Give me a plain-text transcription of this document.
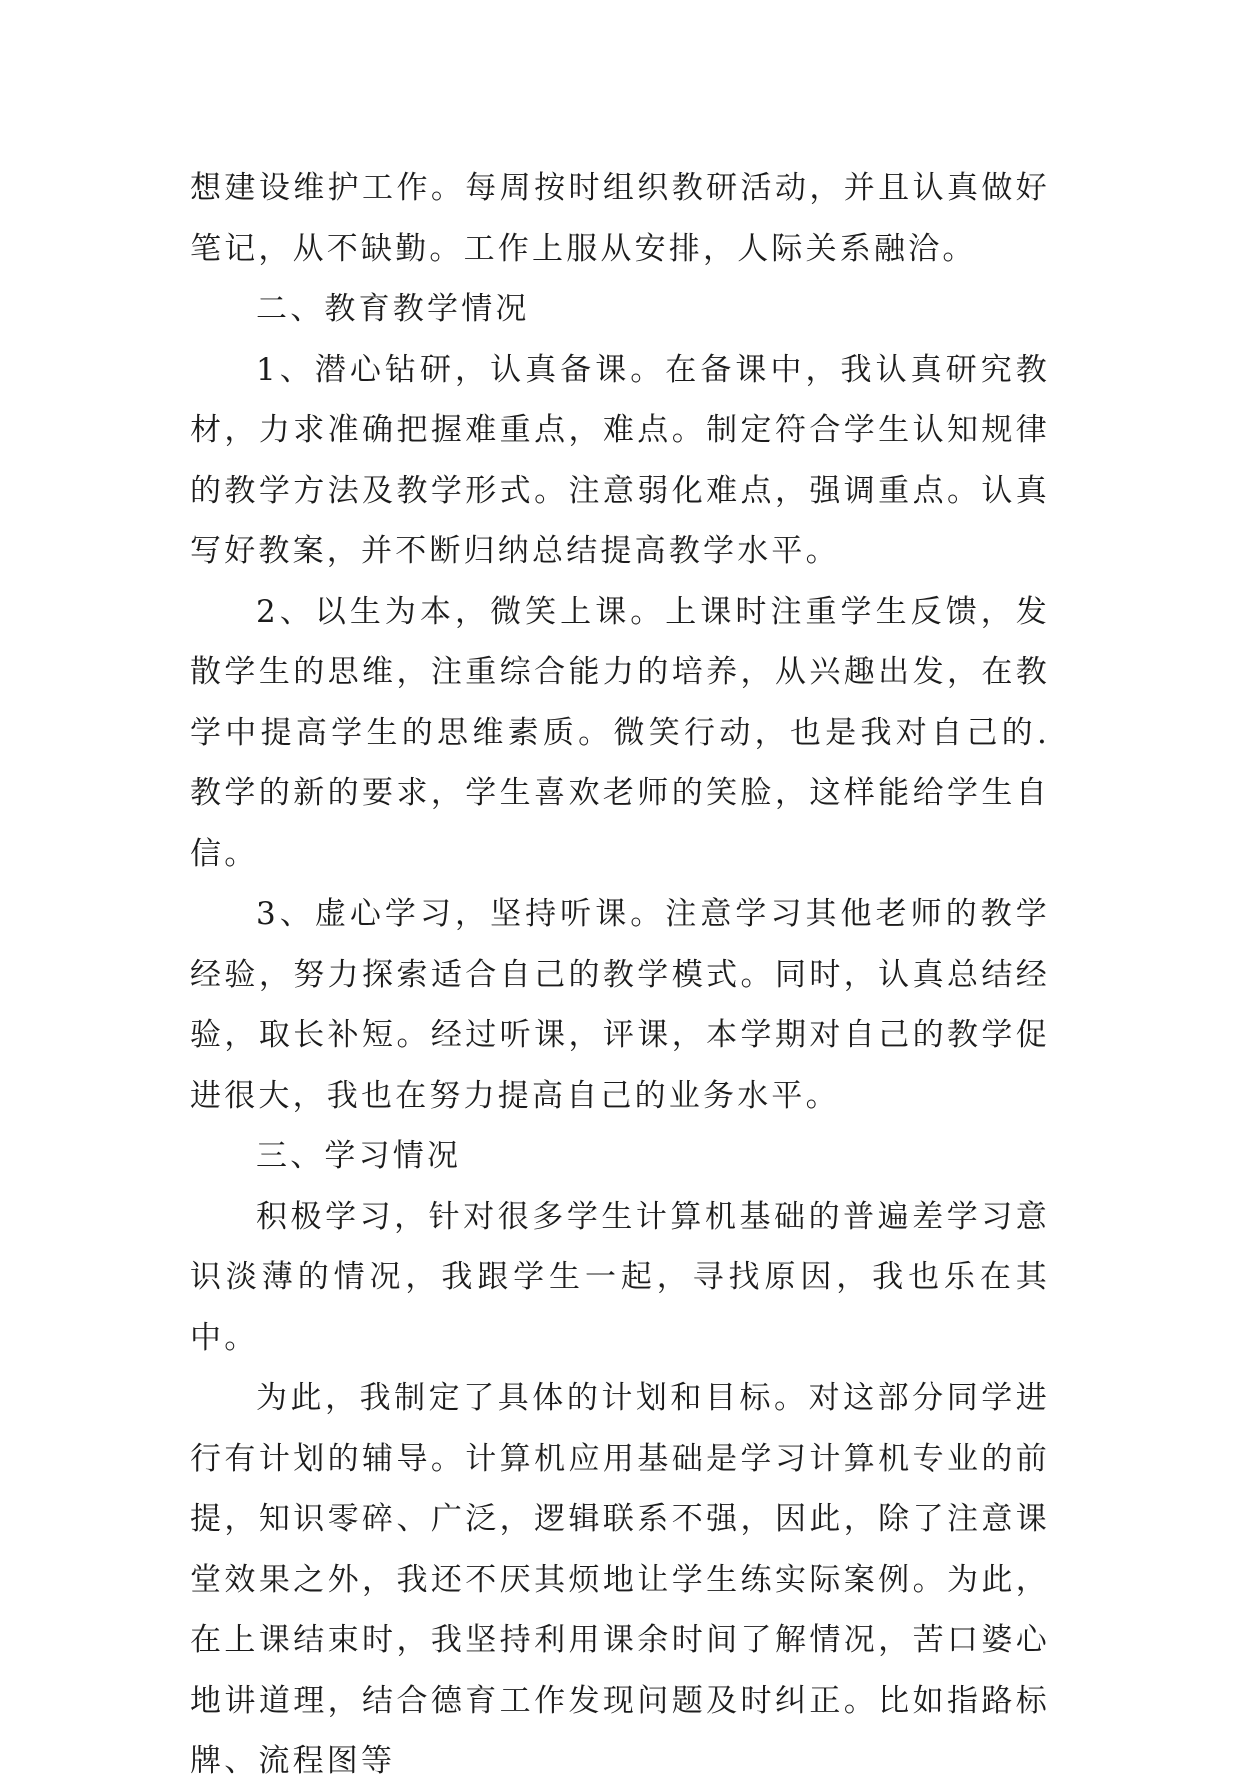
想建设维护工作。每周按时组织教研活动，并且认真做好笔记，从不缺勤。工作上服从安排，人际关系融洽。

二、教育教学情况

1、潜心钻研，认真备课。在备课中，我认真研究教材，力求准确把握难重点，难点。制定符合学生认知规律的教学方法及教学形式。注意弱化难点，强调重点。认真写好教案，并不断归纳总结提高教学水平。

2、以生为本，微笑上课。上课时注重学生反馈，发散学生的思维，注重综合能力的培养，从兴趣出发，在教学中提高学生的思维素质。微笑行动，也是我对自己的.教学的新的要求，学生喜欢老师的笑脸，这样能给学生自信。

3、虚心学习，坚持听课。注意学习其他老师的教学经验，努力探索适合自己的教学模式。同时，认真总结经验，取长补短。经过听课，评课，本学期对自己的教学促进很大，我也在努力提高自己的业务水平。

三、学习情况

积极学习，针对很多学生计算机基础的普遍差学习意识淡薄的情况，我跟学生一起，寻找原因，我也乐在其中。

为此，我制定了具体的计划和目标。对这部分同学进行有计划的辅导。计算机应用基础是学习计算机专业的前提，知识零碎、广泛，逻辑联系不强，因此，除了注意课堂效果之外，我还不厌其烦地让学生练实际案例。为此，在上课结束时，我坚持利用课余时间了解情况，苦口婆心地讲道理，结合德育工作发现问题及时纠正。比如指路标牌、流程图等
